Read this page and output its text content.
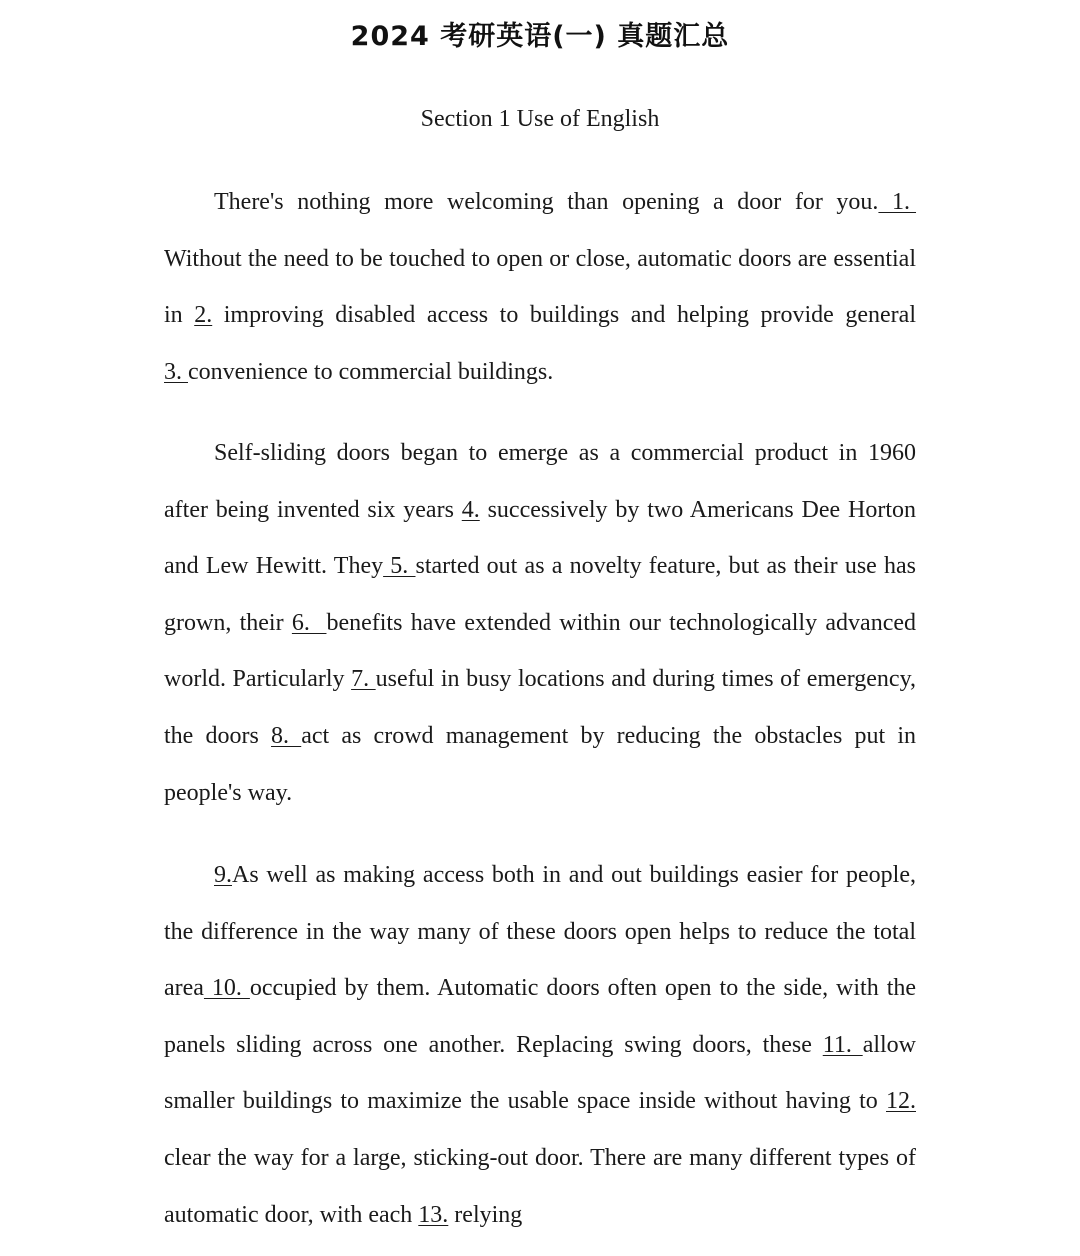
2024 考研英语(一) 真题汇总
Section 1 Use of English

There's nothing more welcoming than opening a door for you. 1.  Without the need to be touched to open or close, automatic doors are essential in 2. improving disabled access to buildings and helping provide general 3. convenience to commercial buildings.

Self-sliding doors began to emerge as a commercial product in 1960 after being invented six years 4. successively by two Americans Dee Horton and Lew Hewitt. They 5. started out as a novelty feature, but as their use has grown, their 6.  benefits have extended within our technologically advanced world. Particularly 7. useful in busy locations and during times of emergency, the doors 8. act as crowd management by reducing the obstacles put in people's way.

9.As well as making access both in and out buildings easier for people, the difference in the way many of these doors open helps to reduce the total area 10. occupied by them. Automatic doors often open to the side, with the panels sliding across one another. Replacing swing doors, these 11. allow smaller buildings to maximize the usable space inside without having to 12. clear the way for a large, sticking-out door. There are many different types of automatic door, with each 13. relying
